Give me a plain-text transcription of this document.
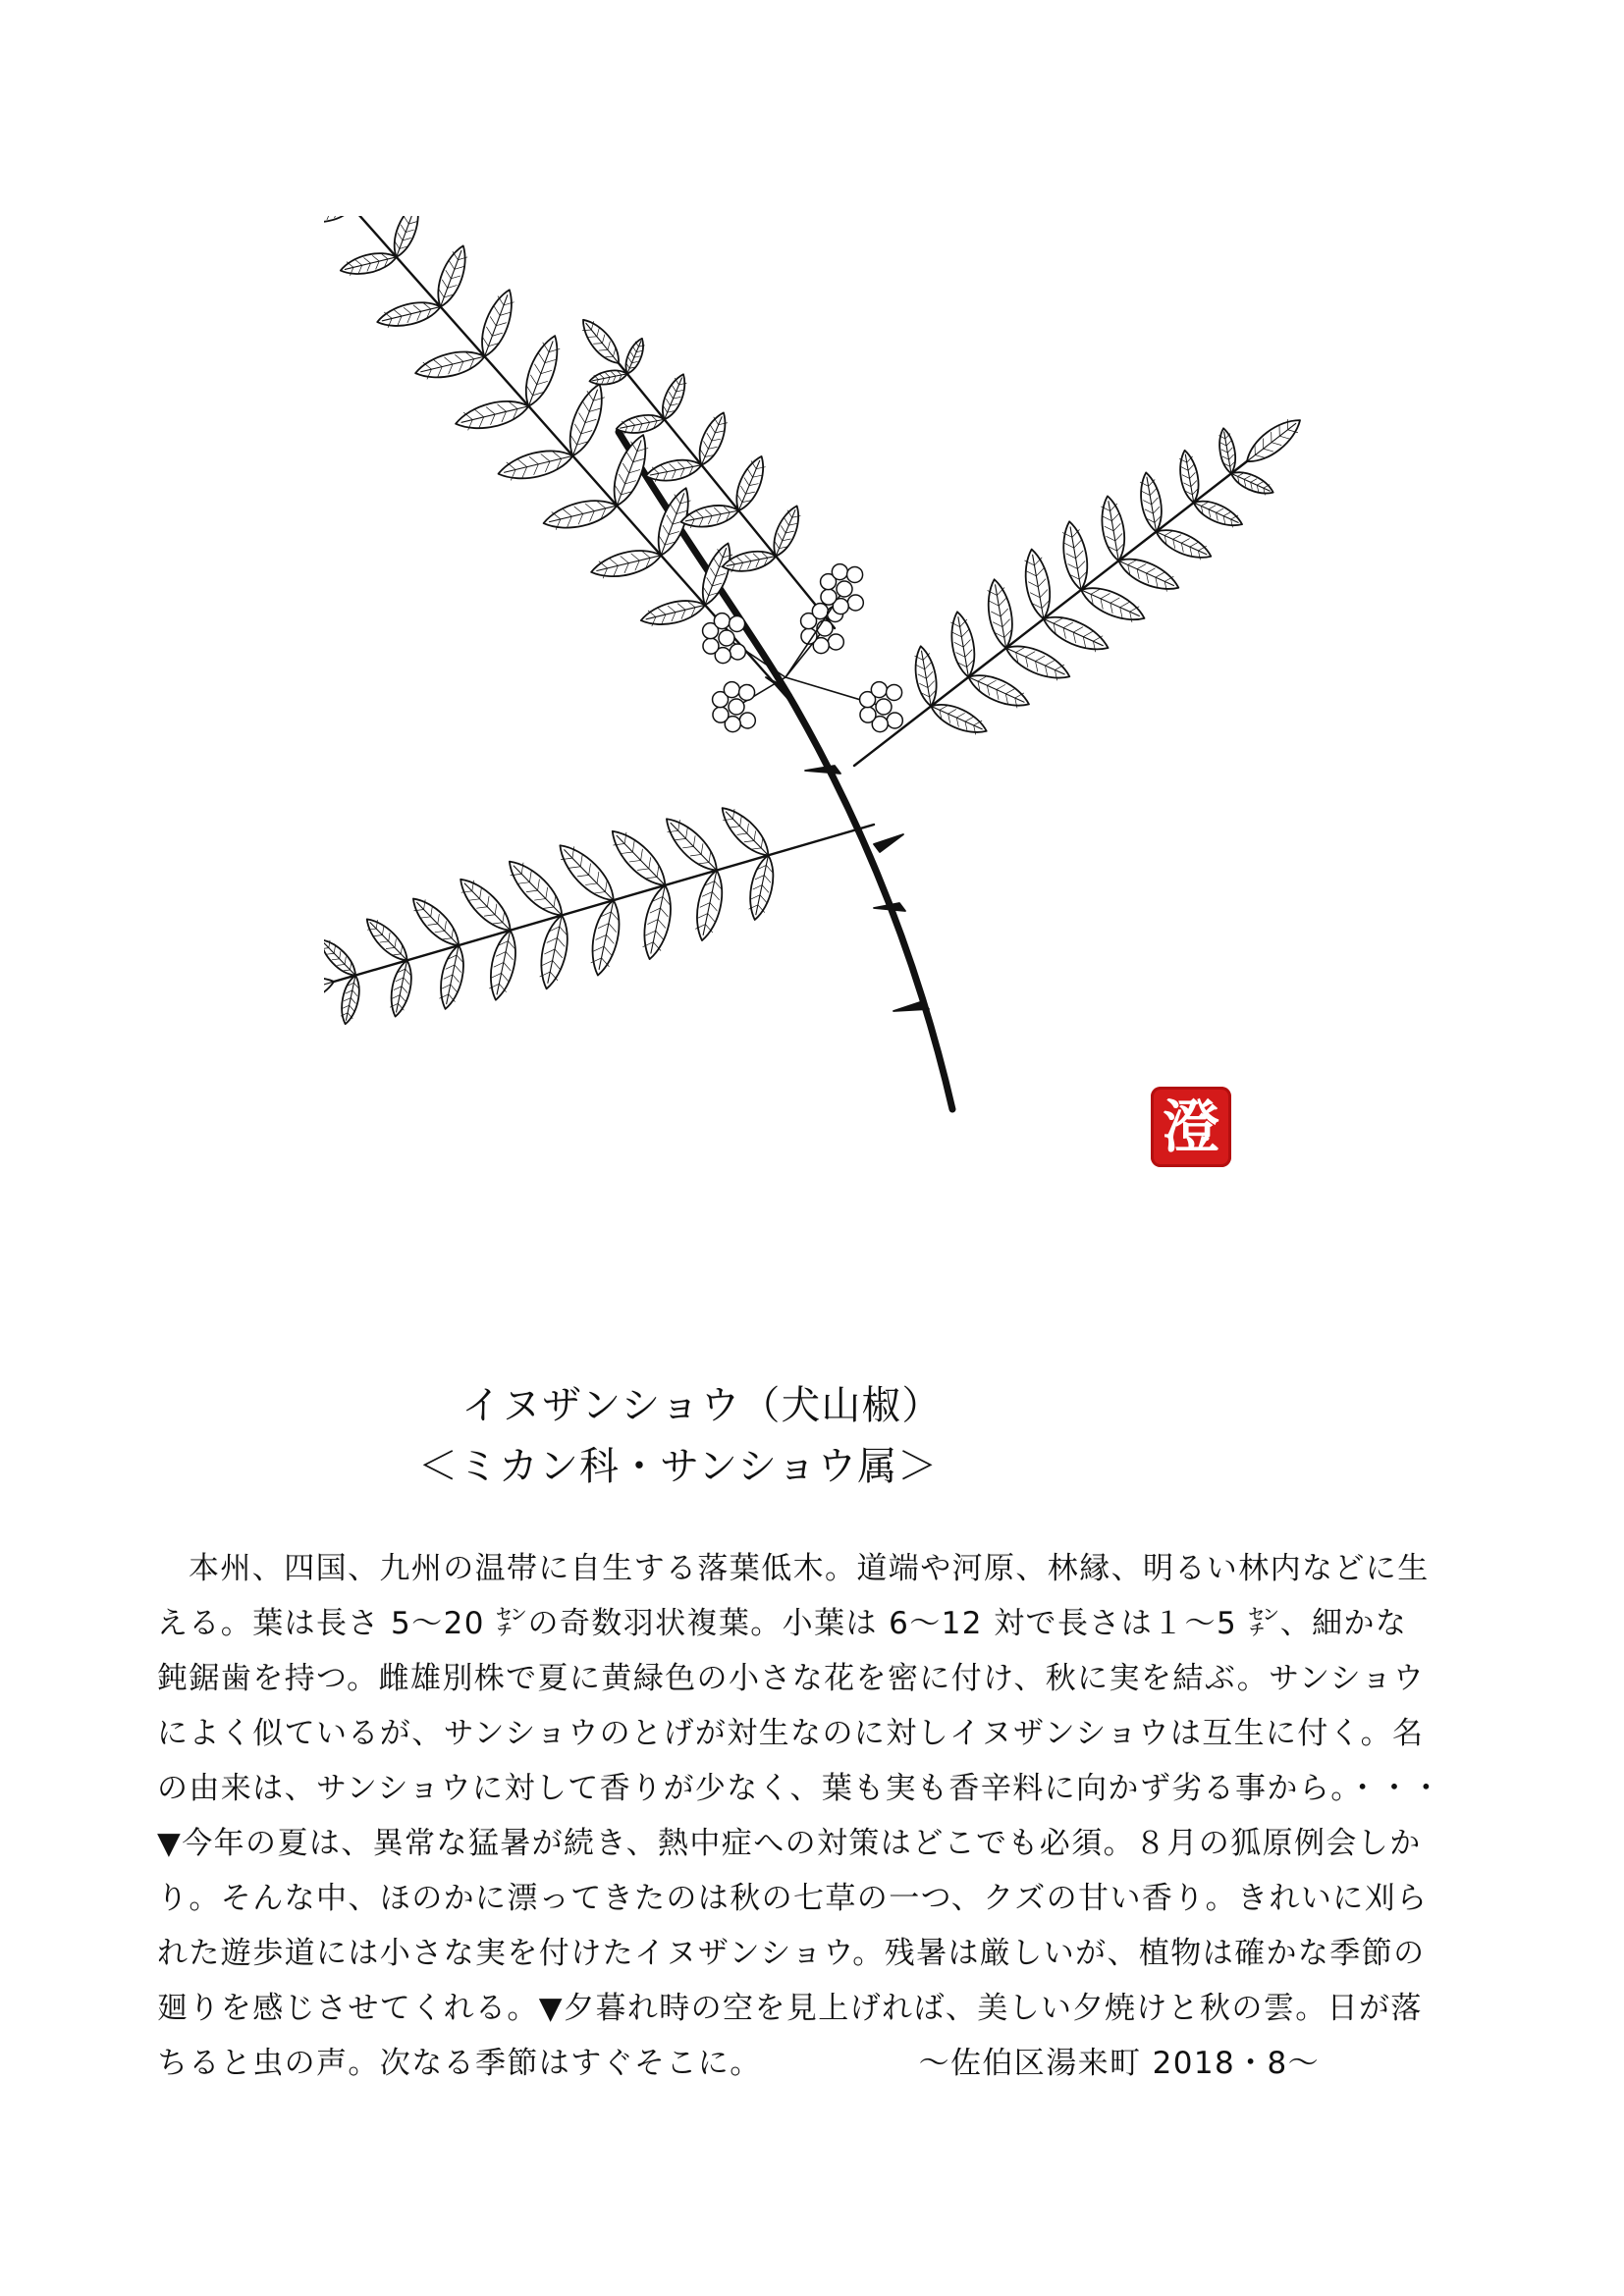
澄
イヌザンショウ（犬山椒）
＜ミカン科・サンショウ属＞
本州、四国、九州の温帯に自生する落葉低木。道端や河原、林縁、明るい林内などに生
える。葉は長さ 5〜20 ㌢の奇数羽状複葉。小葉は 6〜12 対で長さは１〜5 ㌢、細かな
鈍鋸歯を持つ。雌雄別株で夏に黄緑色の小さな花を密に付け、秋に実を結ぶ。サンショウ
によく似ているが、サンショウのとげが対生なのに対しイヌザンショウは互生に付く。名
の由来は、サンショウに対して香りが少なく、葉も実も香辛料に向かず劣る事から。・・・
▼今年の夏は、異常な猛暑が続き、熱中症への対策はどこでも必須。８月の狐原例会しか
り。そんな中、ほのかに漂ってきたのは秋の七草の一つ、クズの甘い香り。きれいに刈ら
れた遊歩道には小さな実を付けたイヌザンショウ。残暑は厳しいが、植物は確かな季節の
廻りを感じさせてくれる。▼夕暮れ時の空を見上げれば、美しい夕焼けと秋の雲。日が落
ちると虫の声。次なる季節はすぐそこに。	〜佐伯区湯来町 2018・8〜
